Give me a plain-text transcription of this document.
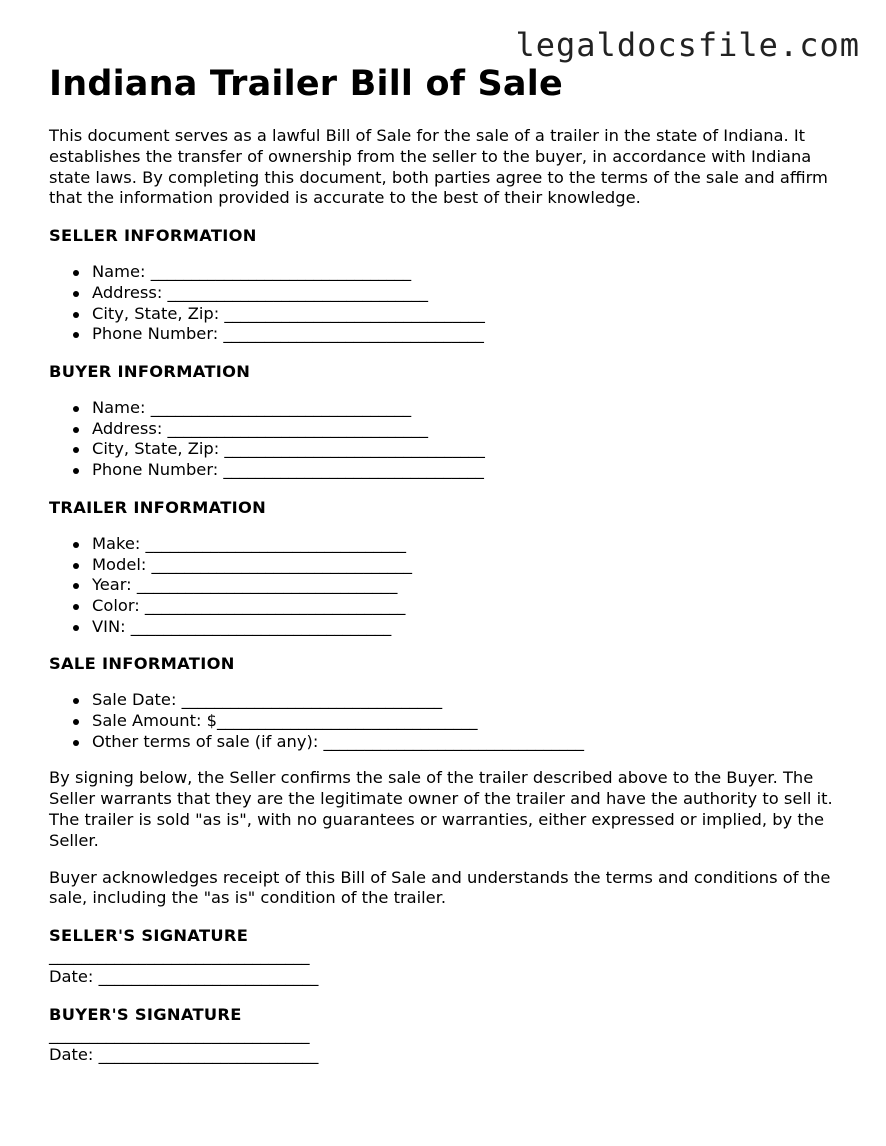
legaldocsfile.com
Indiana Trailer Bill of Sale

This document serves as a lawful Bill of Sale for the sale of a trailer in the state of Indiana. It establishes the transfer of ownership from the seller to the buyer, in accordance with Indiana state laws. By completing this document, both parties agree to the terms of the sale and affirm that the information provided is accurate to the best of their knowledge.

SELLER INFORMATION
Name: ________________________________
Address: ________________________________
City, State, Zip: ________________________________
Phone Number: ________________________________
BUYER INFORMATION
Name: ________________________________
Address: ________________________________
City, State, Zip: ________________________________
Phone Number: ________________________________
TRAILER INFORMATION
Make: ________________________________
Model: ________________________________
Year: ________________________________
Color: ________________________________
VIN: ________________________________
SALE INFORMATION
Sale Date: ________________________________
Sale Amount: $________________________________
Other terms of sale (if any): ________________________________

By signing below, the Seller confirms the sale of the trailer described above to the Buyer. The Seller warrants that they are the legitimate owner of the trailer and have the authority to sell it. The trailer is sold "as is", with no guarantees or warranties, either expressed or implied, by the Seller.

Buyer acknowledges receipt of this Bill of Sale and understands the terms and conditions of the sale, including the "as is" condition of the trailer.

SELLER'S SIGNATURE
________________________________
Date: ___________________________
BUYER'S SIGNATURE
________________________________
Date: ___________________________
